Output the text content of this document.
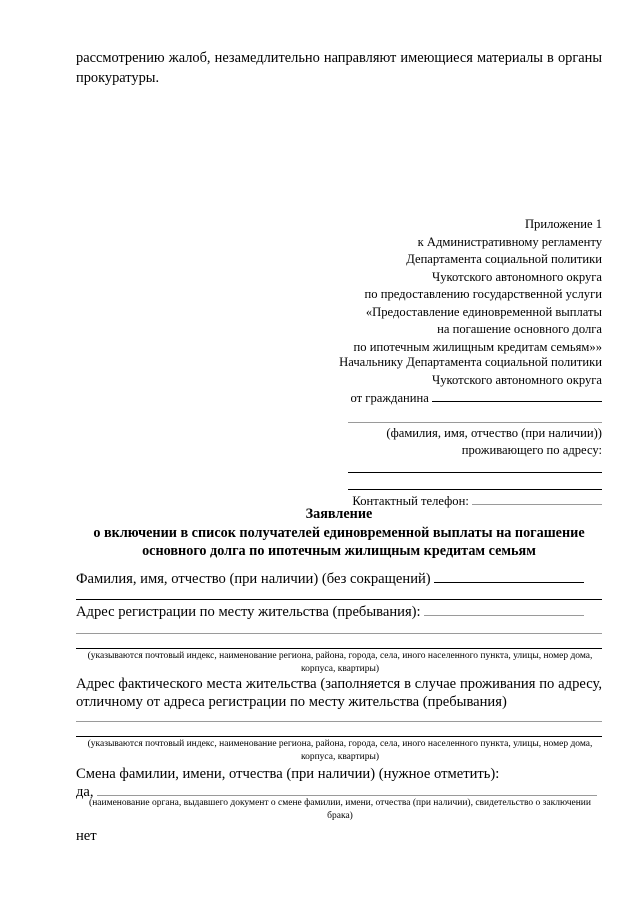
рассмотрению жалоб, незамедлительно направляют имеющиеся материалы в органы прокуратуры.
Приложение 1
к Административному регламенту
Департамента социальной политики
Чукотского автономного округа
по предоставлению государственной услуги
«Предоставление единовременной выплаты
на погашение основного долга
по ипотечным жилищным кредитам семьям»»
Начальнику Департамента социальной политики
Чукотского автономного округа
от гражданина
(фамилия, имя, отчество (при наличии))
проживающего по адресу:
Контактный телефон:
Заявление
о включении в список получателей единовременной выплаты на погашение основного долга по ипотечным жилищным кредитам семьям
Фамилия, имя, отчество (при наличии) (без сокращений)
Адрес регистрации по месту жительства (пребывания):
(указываются почтовый индекс, наименование региона, района, города, села, иного населенного пункта, улицы, номер дома, корпуса, квартиры)
Адрес фактического места жительства (заполняется в случае проживания по адресу, отличному от адреса регистрации по месту жительства (пребывания)
(указываются почтовый индекс, наименование региона, района, города, села, иного населенного пункта, улицы, номер дома, корпуса, квартиры)
Смена фамилии, имени, отчества (при наличии) (нужное отметить):
да,
(наименование органа, выдавшего документ о смене фамилии, имени, отчества (при наличии), свидетельство о заключении брака)
нет
